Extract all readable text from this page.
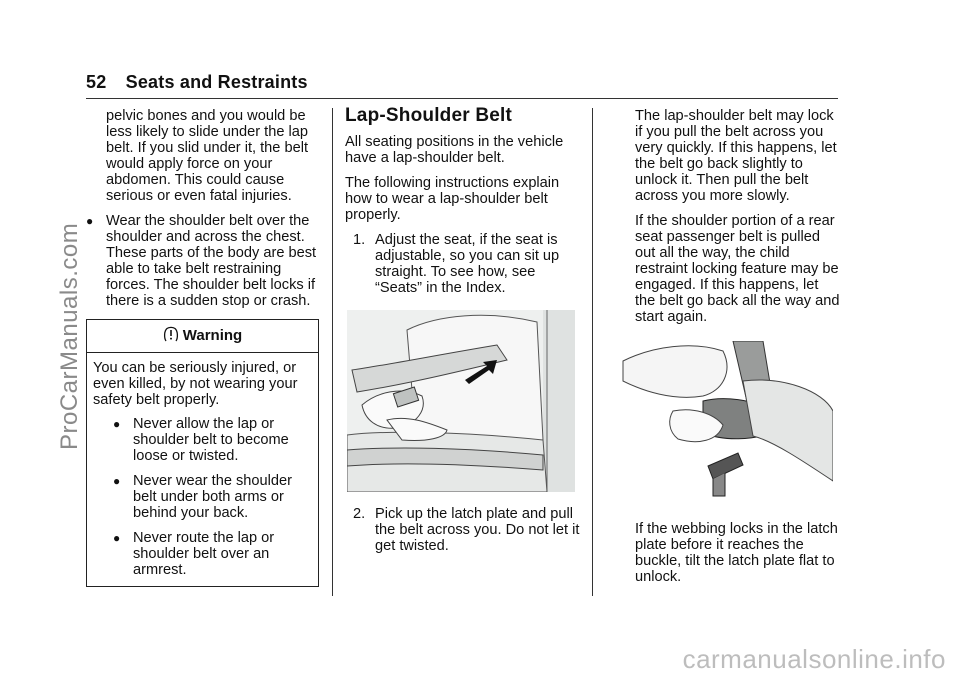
52 Seats and Restraints

pelvic bones and you would be less likely to slide under the lap belt. If you slid under it, the belt would apply force on your abdomen. This could cause serious or even fatal injuries.

● Wear the shoulder belt over the shoulder and across the chest. These parts of the body are best able to take belt restraining forces. The shoulder belt locks if there is a sudden stop or crash.
Warning

You can be seriously injured, or even killed, by not wearing your safety belt properly.

● Never allow the lap or shoulder belt to become loose or twisted.
● Never wear the shoulder belt under both arms or behind your back.
● Never route the lap or shoulder belt over an armrest.
Lap-Shoulder Belt

All seating positions in the vehicle have a lap-shoulder belt.

The following instructions explain how to wear a lap-shoulder belt properly.

1. Adjust the seat, if the seat is adjustable, so you can sit up straight. To see how, see “Seats” in the Index.
2. Pick up the latch plate and pull the belt across you. Do not let it get twisted.

The lap-shoulder belt may lock if you pull the belt across you very quickly. If this happens, let the belt go back slightly to unlock it. Then pull the belt across you more slowly.

If the shoulder portion of a rear seat passenger belt is pulled out all the way, the child restraint locking feature may be engaged. If this happens, let the belt go back all the way and start again.

If the webbing locks in the latch plate before it reaches the buckle, tilt the latch plate flat to unlock.

ProCarManuals.com
carmanualsonline.info
